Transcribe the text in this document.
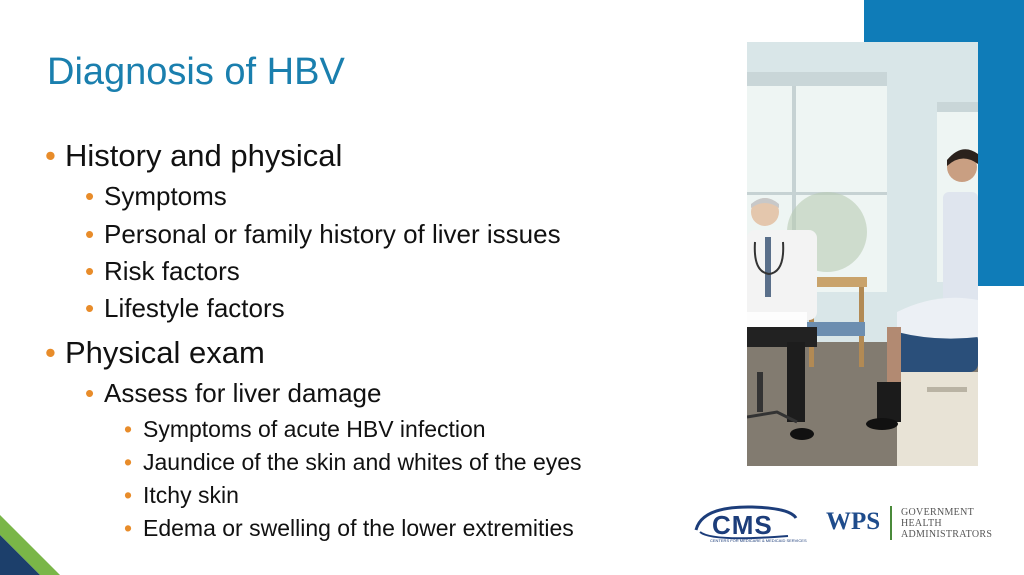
Diagnosis of HBV
• History and physical
• Symptoms
• Personal or family history of liver issues
• Risk factors
• Lifestyle factors
• Physical exam
• Assess for liver damage
• Symptoms of acute HBV infection
• Jaundice of the skin and whites of the eyes
• Itchy skin
• Edema or swelling of the lower extremities	CMS
CENTERS FOR MEDICARE & MEDICAID SERVICES
WPS GOVERNMENT
HEALTH
ADMINISTRATORS
